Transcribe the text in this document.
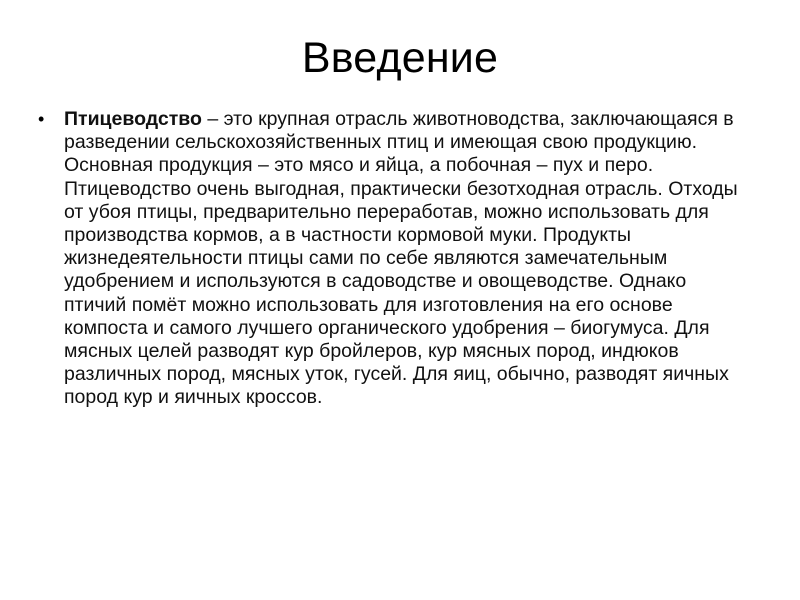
Введение
•	Птицеводство – это крупная отрасль животноводства, заключающаяся в разведении сельскохозяйственных птиц и имеющая свою продукцию. Основная продукция – это мясо и яйца, а побочная – пух и перо. Птицеводство очень выгодная, практически безотходная отрасль. Отходы от убоя птицы, предварительно переработав, можно использовать для производства кормов, а в частности кормовой муки. Продукты жизнедеятельности птицы сами по себе являются замечательным удобрением и используются в садоводстве и овощеводстве. Однако птичий помёт можно использовать для изготовления на его основе компоста и самого лучшего органического удобрения – биогумуса. Для мясных целей разводят кур бройлеров, кур мясных пород, индюков различных пород, мясных уток, гусей. Для яиц, обычно, разводят яичных пород кур и яичных кроссов.
